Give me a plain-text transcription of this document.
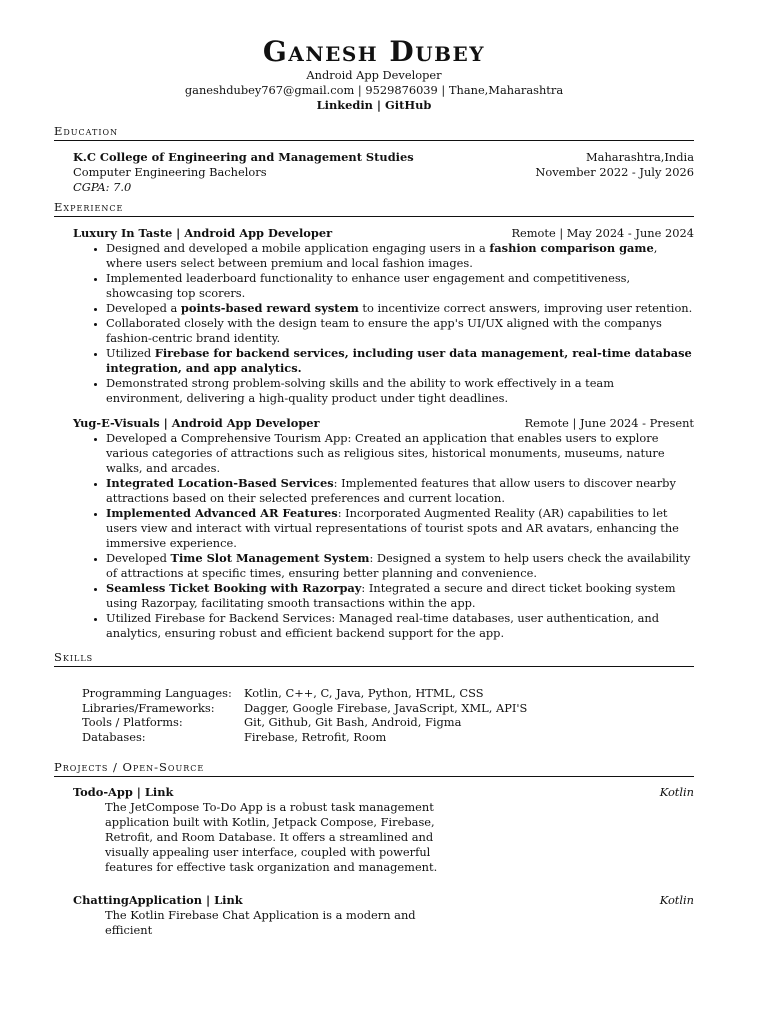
Ganesh Dubey
Android App Developer
ganeshdubey767@gmail.com | 9529876039 | Thane,Maharashtra
Linkedin | GitHub
Education
K.C College of Engineering and Management Studies	Maharashtra,India
Computer Engineering Bachelors	November 2022 - July 2026
CGPA: 7.0
Experience
Luxury In Taste | Android App Developer	Remote | May 2024 - June 2024
• Designed and developed a mobile application engaging users in a fashion comparison game, where users select between premium and local fashion images.
• Implemented leaderboard functionality to enhance user engagement and competitiveness, showcasing top scorers.
• Developed a points-based reward system to incentivize correct answers, improving user retention.
• Collaborated closely with the design team to ensure the app's UI/UX aligned with the companys fashion-centric brand identity.
• Utilized Firebase for backend services, including user data management, real-time database integration, and app analytics.
• Demonstrated strong problem-solving skills and the ability to work effectively in a team environment, delivering a high-quality product under tight deadlines.
Yug-E-Visuals | Android App Developer	Remote | June 2024 - Present
• Developed a Comprehensive Tourism App: Created an application that enables users to explore various categories of attractions such as religious sites, historical monuments, museums, nature walks, and arcades.
• Integrated Location-Based Services: Implemented features that allow users to discover nearby attractions based on their selected preferences and current location.
• Implemented Advanced AR Features: Incorporated Augmented Reality (AR) capabilities to let users view and interact with virtual representations of tourist spots and AR avatars, enhancing the immersive experience.
• Developed Time Slot Management System: Designed a system to help users check the availability of attractions at specific times, ensuring better planning and convenience.
• Seamless Ticket Booking with Razorpay: Integrated a secure and direct ticket booking system using Razorpay, facilitating smooth transactions within the app.
• Utilized Firebase for Backend Services: Managed real-time databases, user authentication, and analytics, ensuring robust and efficient backend support for the app.
Skills
Programming Languages:	Kotlin, C++, C, Java, Python, HTML, CSS
Libraries/Frameworks:	Dagger, Google Firebase, JavaScript, XML, API'S
Tools / Platforms:	Git, Github, Git Bash, Android, Figma
Databases:	Firebase, Retrofit, Room
Projects / Open-Source
Todo-App | Link	Kotlin
The JetCompose To-Do App is a robust task management application built with Kotlin, Jetpack Compose, Firebase, Retrofit, and Room Database. It offers a streamlined and visually appealing user interface, coupled with powerful features for effective task organization and management.
ChattingApplication | Link	Kotlin
The Kotlin Firebase Chat Application is a modern and efficient
